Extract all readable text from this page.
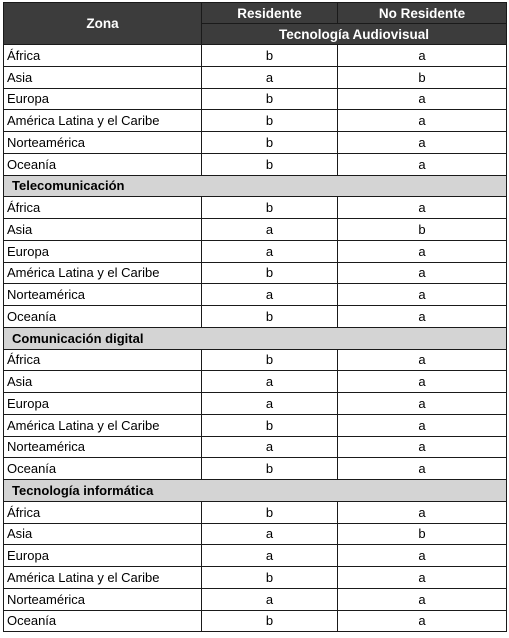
Zona	Residente	No Residente
	Tecnología Audiovisual	
África	b	a
Asia	a	b
Europa	b	a
América Latina y el Caribe	b	a
Norteamérica	b	a
Oceanía	b	a
Telecomunicación		
África	b	a
Asia	a	b
Europa	a	a
América Latina y el Caribe	b	a
Norteamérica	a	a
Oceanía	b	a
Comunicación digital		
África	b	a
Asia	a	a
Europa	a	a
América Latina y el Caribe	b	a
Norteamérica	a	a
Oceanía	b	a
Tecnología informática		
África	b	a
Asia	a	b
Europa	a	a
América Latina y el Caribe	b	a
Norteamérica	a	a
Oceanía	b	a
